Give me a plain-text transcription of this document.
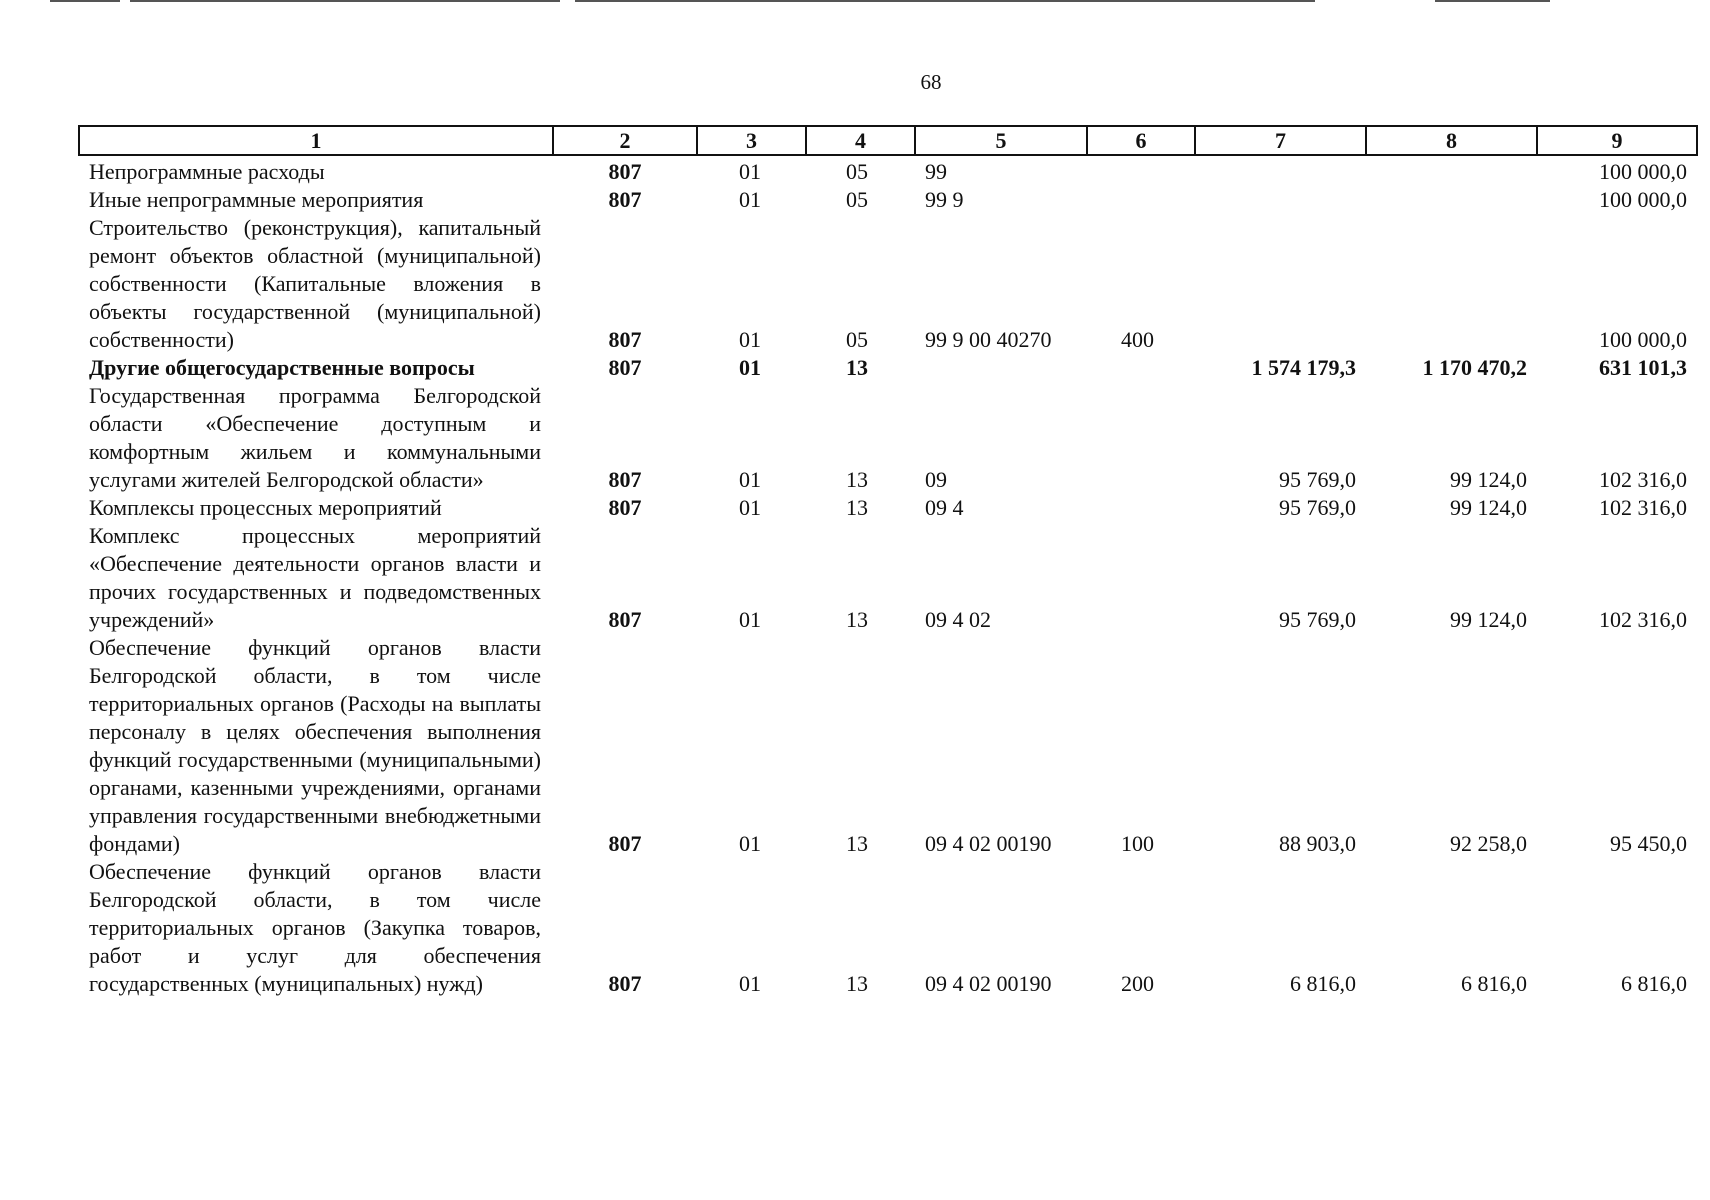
68
1	2	3	4	5	6	7	8	9
Непрограммные расходы	807	01	05	99				100 000,0
Иные непрограммные мероприятия	807	01	05	99 9				100 000,0
Строительство (реконструкция), капитальный ремонт объектов областной (муниципальной) собственности (Капитальные вложения в объекты государственной (муниципальной) собственности)	807	01	05	99 9 00 40270	400			100 000,0
Другие общегосударственные вопросы	807	01	13			1 574 179,3	1 170 470,2	631 101,3
Государственная программа Белгородской области «Обеспечение доступным и комфортным жильем и коммунальными услугами жителей Белгородской области»	807	01	13	09		95 769,0	99 124,0	102 316,0
Комплексы процессных мероприятий	807	01	13	09 4		95 769,0	99 124,0	102 316,0
Комплекс процессных мероприятий «Обеспечение деятельности органов власти и прочих государственных и подведомственных учреждений»	807	01	13	09 4 02		95 769,0	99 124,0	102 316,0
Обеспечение функций органов власти Белгородской области, в том числе территориальных органов (Расходы на выплаты персоналу в целях обеспечения выполнения функций государственными (муниципальными) органами, казенными учреждениями, органами управления государственными внебюджетными фондами)	807	01	13	09 4 02 00190	100	88 903,0	92 258,0	95 450,0
Обеспечение функций органов власти Белгородской области, в том числе территориальных органов (Закупка товаров, работ и услуг для обеспечения государственных (муниципальных) нужд)	807	01	13	09 4 02 00190	200	6 816,0	6 816,0	6 816,0
